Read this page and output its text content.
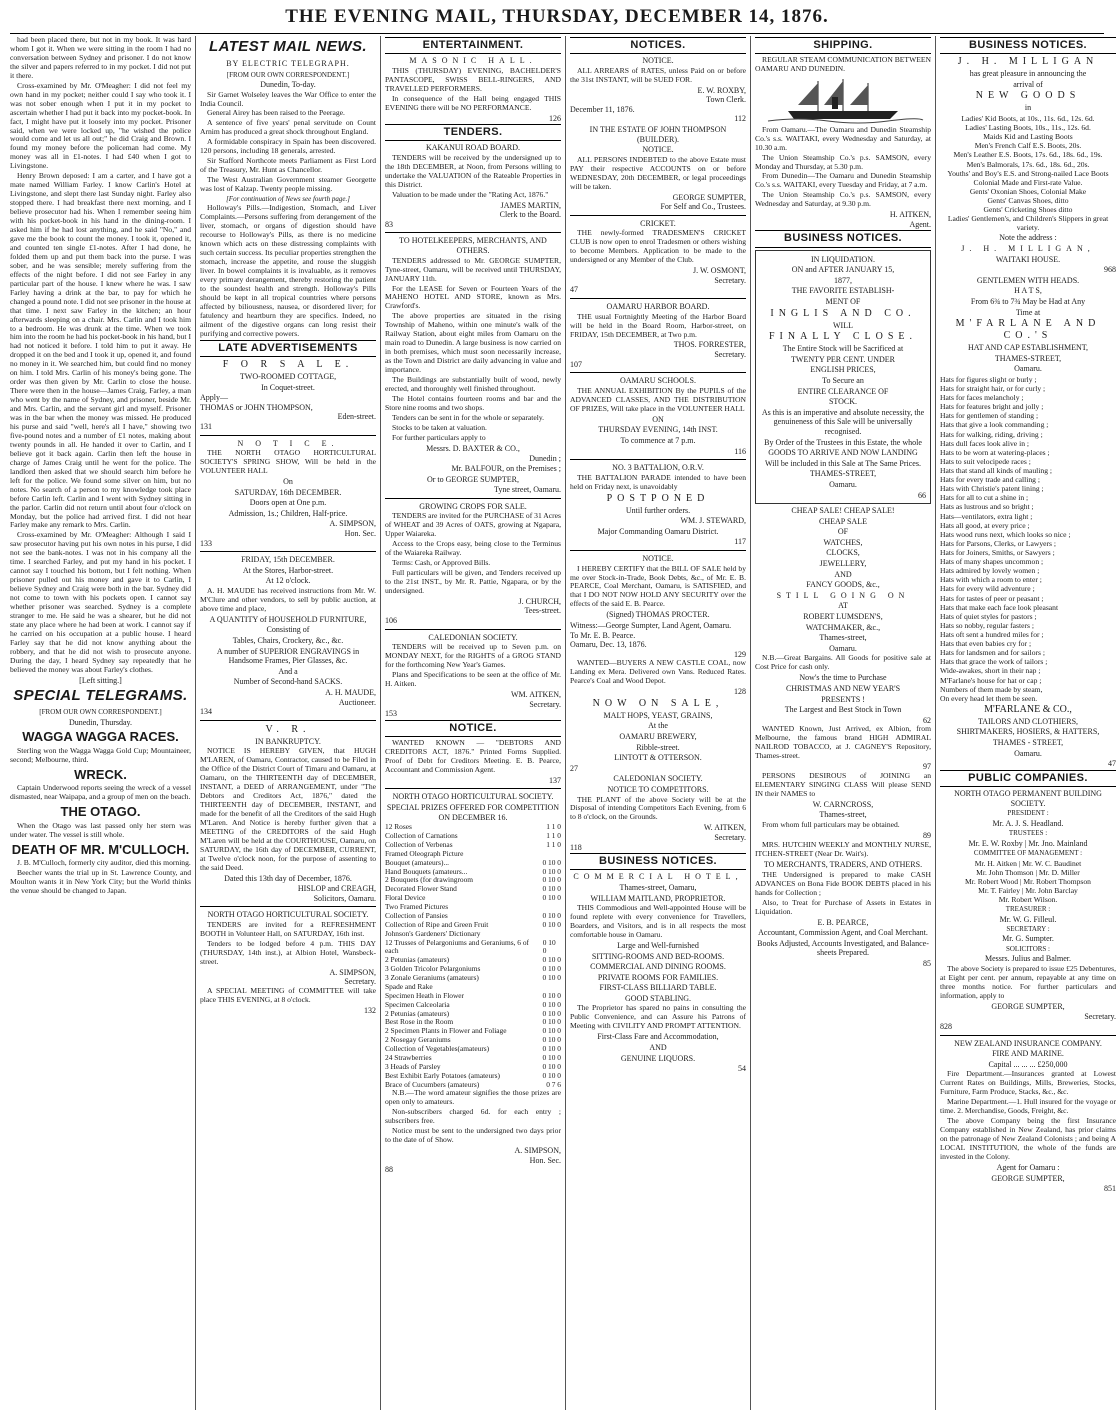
THE EVENING MAIL, THURSDAY, DECEMBER 14, 1876.

had been placed there, but not in my book. It was hard whom I got it. When we were sitting in the room I had no conversation between Sydney and prisoner. I do not know the silver and papers referred to in my pocket. I did not put it there.

Cross-examined by Mr. O'Meagher: I did not feel my own hand in my pocket; neither could I say who took it. I was not sober enough when I put it in my pocket to ascertain whether I had put it back into my pocket-book. In fact, I might have put it loosely into my pocket. Prisoner said, when we were locked up, "he wished the police would come and let us all out;" he did Craig and Brown. I found my money before the policeman had come. My money was all in £1-notes. I had £40 when I got to Livingstone.

Henry Brown deposed: I am a carter, and I have got a mate named William Farley. I know Carlin's Hotel at Livingstone, and slept there last Sunday night. Farley also stopped there. I had breakfast there next morning, and I believe prosecutor had his. When I remember seeing him with his pocket-book in his hand in the dining-room. I asked him if he had lost anything, and he said "No," and gave me the book to count the money. I took it, opened it, and counted ten single £1-notes. After I had done, he folded them up and put them back into the purse. I was sober, and he was sensible; merely suffering from the effects of the night before. I did not see Farley in any particular part of the house. I knew where he was. I saw Farley having a drink at the bar, to pay for which he changed a pound note. I did not see prisoner in the house at that time. I next saw Farley in the kitchen; an hour afterwards sleeping on a chair. Mrs. Carlin and I took him to a bedroom. He was drunk at the time. When we took him into the room he had his pocket-book in his hand, but I had not noticed it before. I told him to put it away. He dropped it on the bed and I took it up, opened it, and found no money in it. We searched him, but could find no money on him. I told Mrs. Carlin of his money's being gone. The order was then given by Mr. Carlin to close the house. There were then in the house—James Craig, Farley, a man who went by the name of Sydney, and prisoner, beside Mr. and Mrs. Carlin, and the servant girl and myself. Prisoner was in the bar when the money was missed. He produced his purse and said "well, here's all I have," showing two five-pound notes and a number of £1 notes, making about twenty pounds in all. He handed it over to Carlin, and I believe got it back again. Carlin then left the house in charge of James Craig until he went for the police. The landlord then asked that we should search him before he left for the police. We found some silver on him, but no notes. No search of a person to my knowledge took place before Carlin left. Carlin and I went with Sydney sitting in the parlor. Carlin did not return until about four o'clock on Monday, but the police had arrived first. I did not hear Farley make any remark to Mrs. Carlin.

Cross-examined by Mr. O'Meagher: Although I said I saw prosecutor having put his own notes in his purse, I did not see the bank-notes. I was not in his company all the time. I searched Farley, and put my hand in his pocket. I cannot say I touched his bottom, but I felt nothing. When prisoner pulled out his money and gave it to Carlin, I believe Sydney and Craig were both in the bar. Sydney did not come to town with his pockets open. I cannot say whether prisoner was searched. Sydney is a complete stranger to me. He said he was a shearer, but he did not state any place where he had been at work. I cannot say if he carried on his occupation at a public house. I heard Farley say that he did not know anything about the robbery, and that he did not wish to prosecute anyone. During the day, I heard Sydney say repeatedly that he believed the money was about Farley's clothes.

[Left sitting.]
SPECIAL TELEGRAMS.
[FROM OUR OWN CORRESPONDENT.]
Dunedin, Thursday.
WAGGA WAGGA RACES.

Sterling won the Wagga Wagga Gold Cup; Mountaineer, second; Melbourne, third.

WRECK.

Captain Underwood reports seeing the wreck of a vessel dismasted, near Waipapa, and a group of men on the beach.

THE OTAGO.

When the Otago was last passed only her stern was under water. The vessel is still whole.

DEATH OF MR. M'CULLOCH.

J. B. M'Culloch, formerly city auditor, died this morning.

Beecher wants the trial up in St. Lawrence County, and Moulton wants it in New York City; but the World thinks the venue should be changed to Japan.

LATEST MAIL NEWS.
BY ELECTRIC TELEGRAPH.
[FROM OUR OWN CORRESPONDENT.]
Dunedin, To-day.

Sir Garnet Wolseley leaves the War Office to enter the India Council.

General Airey has been raised to the Peerage.

A sentence of five years' penal servitude on Count Arnim has produced a great shock throughout England.

A formidable conspiracy in Spain has been discovered. 120 persons, including 18 generals, arrested.

Sir Stafford Northcote meets Parliament as First Lord of the Treasury, Mr. Hunt as Chancellor.

The West Australian Government steamer Georgette was lost of Kalzap. Twenty people missing.

[For continuation of News see fourth page.]

Holloway's Pills.—Indigestion, Stomach, and Liver Complaints.—Persons suffering from derangement of the liver, stomach, or organs of digestion should have recourse to Holloway's Pills, as there is no medicine known which acts on these distressing complaints with such certain success. Its peculiar properties strengthen the stomach, increase the appetite, and rouse the sluggish liver. In bowel complaints it is invaluable, as it removes every primary derangement, thereby restoring the patient to the soundest health and strength. Holloway's Pills should be kept in all tropical countries where persons affected by biliousness, nausea, or disordered liver; for fatulency and heartburn they are specifics. Indeed, no ailment of the digestive organs can long resist their purifying and corrective powers.

LATE ADVERTISEMENTS
F O R S A L E.
TWO-ROOMED COTTAGE,
In Coquet-street.
Apply—
THOMAS or JOHN THOMPSON,
Eden-street.
131
N O T I C E.

THE NORTH OTAGO HORTICULTURAL SOCIETY'S SPRING SHOW, Will be held in the VOLUNTEER HALL

On
SATURDAY, 16th DECEMBER.
Doors open at One p.m.
Admission, 1s.; Children, Half-price.
A. SIMPSON,
Hon. Sec.
133
FRIDAY, 15th DECEMBER.
At the Stores, Harbor-street.
At 12 o'clock.

A. H. MAUDE has received instructions from Mr. W. M'Clure and other vendors, to sell by public auction, at above time and place,

A QUANTITY of HOUSEHOLD FURNITURE,
Consisting of
Tables, Chairs, Crockery, &c., &c.
A number of SUPERIOR ENGRAVINGS in Handsome Frames, Pier Glasses, &c.
And a
Number of Second-hand SACKS.
A. H. MAUDE,
Auctioneer.
134
V. R.
IN BANKRUPTCY.

NOTICE IS HEREBY GIVEN, that HUGH M'LAREN, of Oamaru, Contractor, caused to be Filed in the Office of the District Court of Timaru and Oamaru, at Oamaru, on the THIRTEENTH day of DECEMBER, INSTANT, a DEED of ARRANGEMENT, under "The Debtors and Creditors Act, 1876," dated the THIRTEENTH day of DECEMBER, INSTANT, and made for the benefit of all the Creditors of the said Hugh M'Laren. And Notice is hereby further given that a MEETING of the CREDITORS of the said Hugh M'Laren will be held at the COURTHOUSE, Oamaru, on SATURDAY, the 16th day of DECEMBER, CURRENT, at Twelve o'clock noon, for the purpose of assenting to the said Deed.

Dated this 13th day of December, 1876.
HISLOP and CREAGH,
Solicitors, Oamaru.
NORTH OTAGO HORTICULTURAL SOCIETY.

TENDERS are invited for a REFRESHMENT BOOTH in Volunteer Hall, on SATURDAY, 16th inst.

Tenders to be lodged before 4 p.m. THIS DAY (THURSDAY, 14th inst.), at Albion Hotel, Wansbeck-street.

A. SIMPSON,
Secretary.

A SPECIAL MEETING of COMMITTEE will take place THIS EVENING, at 8 o'clock.

132
ENTERTAINMENT.
MASONIC HALL.

THIS (THURSDAY) EVENING, BACHELDER'S PANTASCOPE, SWISS BELL-RINGERS, AND TRAVELLED PERFORMERS.

In consequence of the Hall being engaged THIS EVENING there will be NO PERFORMANCE.

126
TENDERS.
KAKANUI ROAD BOARD.

TENDERS will be received by the undersigned up to the 18th DECEMBER, at Noon, from Persons willing to undertake the VALUATION of the Rateable Properties in this District.

Valuation to be made under the "Rating Act, 1876."

JAMES MARTIN,
Clerk to the Board.
83
TO HOTELKEEPERS, MERCHANTS, AND OTHERS.

TENDERS addressed to Mr. GEORGE SUMPTER, Tyne-street, Oamaru, will be received until THURSDAY, JANUARY 11th.

For the LEASE for Seven or Fourteen Years of the MAHENO HOTEL AND STORE, known as Mrs. Crawford's.

The above properties are situated in the rising Township of Maheno, within one minute's walk of the Railway Station, about eight miles from Oamaru on the main road to Dunedin. A large business is now carried on in both premises, which must soon necessarily increase, as the Town and District are daily advancing in value and importance.

The Buildings are substantially built of wood, newly erected, and thoroughly well finished throughout.

The Hotel contains fourteen rooms and bar and the Store nine rooms and two shops.

Tenders can be sent in for the whole or separately.

Stocks to be taken at valuation.

For further particulars apply to

Messrs. D. BAXTER & CO.,
Dunedin ;
Mr. BALFOUR, on the Premises ;
Or to GEORGE SUMPTER,
Tyne street, Oamaru.
GROWING CROPS FOR SALE.

TENDERS are invited for the PURCHASE of 31 Acres of WHEAT and 39 Acres of OATS, growing at Ngapara, Upper Waiareka.

Access to the Crops easy, being close to the Terminus of the Waiareka Railway.

Terms: Cash, or Approved Bills.

Full particulars will be given, and Tenders received up to the 21st INST., by Mr. R. Pattie, Ngapara, or by the undersigned.

J. CHURCH,
Tees-street.
106
CALEDONIAN SOCIETY.

TENDERS will be received up to Seven p.m. on MONDAY NEXT, for the RIGHTS of a GROG STAND for the forthcoming New Year's Games.

Plans and Specifications to be seen at the office of Mr. H. Aitken.

WM. AITKEN,
Secretary.
153
NOTICE.

WANTED KNOWN — "DEBTORS AND CREDITORS ACT, 1876." Printed Forms Supplied. Proof of Debt for Creditors Meeting. E. B. Pearce, Accountant and Commission Agent.

137
NORTH OTAGO HORTICULTURAL SOCIETY.
SPECIAL PRIZES OFFERED FOR COMPETITION ON DECEMBER 16.
12 Roses	1 1 0
Collection of Carnations	1 1 0
Collection of Verbenas	1 1 0
Framed Oleograph Picture
Bouquet (amateurs)...	0 10 0
Hand Bouquets (amateurs...	0 10 0
2 Bouquets (for drawingroom	0 10 0
Decorated Flower Stand	0 10 0
Floral Device	0 10 0
Two Framed Pictures
Collection of Pansies	0 10 0
Collection of Ripe and Green Fruit	0 10 0
Johnson's Gardeners' Dictionary
12 Trusses of Pelargoniums and Geraniums, 6 of each
0 10 0
2 Petunias (amateurs)	0 10 0
3 Golden Tricolor Pelargoniums	0 10 0
3 Zonale Geraniums (amateurs)	0 10 0
Spade and Rake
Specimen Heath in Flower	0 10 0
Specimen Calceolaria	0 10 0
2 Petunias (amateurs)	0 10 0
Best Rose in the Room	0 10 0
2 Specimen Plants in Flower and Foliage	0 10 0
2 Nosegay Geraniums	0 10 0
Collection of Vegetables(amateurs)	0 10 0
24 Strawberries	0 10 0
3 Heads of Parsley	0 10 0
Best Exhibit Early Potatoes (amateurs)	0 10 0
Brace of Cucumbers (amateurs)	0 7 6

N.B.—The word amateur signifies the those prizes are open only to amateurs.

Non-subscribers charged 6d. for each entry ; subscribers free.

Notice must be sent to the undersigned two days prior to the date of of Show.

A. SIMPSON,
Hon. Sec.
88
NOTICES.
NOTICE.

ALL ARREARS of RATES, unless Paid on or before the 31st INSTANT, will be SUED FOR.

E. W. ROXBY,
Town Clerk.
December 11, 1876.
112
IN THE ESTATE OF JOHN THOMPSON (BUILDER).
NOTICE.

ALL PERSONS INDEBTED to the above Estate must PAY their respective ACCOUNTS on or before WEDNESDAY, 20th DECEMBER, or legal proceedings will be taken.

GEORGE SUMPTER,
For Self and Co., Trustees.
CRICKET.

THE newly-formed TRADESMEN'S CRICKET CLUB is now open to enrol Tradesmen or others wishing to become Members. Application to be made to the undersigned or any Member of the Club.

J. W. OSMONT,
Secretary.
47
OAMARU HARBOR BOARD.

THE usual Fortnightly Meeting of the Harbor Board will be held in the Board Room, Harbor-street, on FRIDAY, 15th DECEMBER, at Two p.m.

THOS. FORRESTER,
Secretary.
107
OAMARU SCHOOLS.

THE ANNUAL EXHIBITION By the PUPILS of the ADVANCED CLASSES, AND THE DISTRIBUTION OF PRIZES, Will take place in the VOLUNTEER HALL

ON
THURSDAY EVENING, 14th INST.
To commence at 7 p.m.
116
NO. 3 BATTALION, O.R.V.

THE BATTALION PARADE intended to have been held on Friday next, is unavoidably

POSTPONED
Until further orders.
WM. J. STEWARD,
Major Commanding Oamaru District.
117
NOTICE.

I HEREBY CERTIFY that the BILL OF SALE held by me over Stock-in-Trade, Book Debts, &c., of Mr. E. B. PEARCE, Coal Merchant, Oamaru, is SATISFIED, and that I DO NOT NOW HOLD ANY SECURITY over the effects of the said E. B. Pearce.

(Signed) THOMAS PROCTER.
Witness:—George Sumpter, Land Agent, Oamaru.
To Mr. E. B. Pearce.
Oamaru, Dec. 13, 1876.
129

WANTED—BUYERS A NEW CASTLE COAL, now Landing ex Mera. Delivered own Vans. Reduced Rates. Pearce's Coal and Wood Depot.

128
NOW ON SALE,
MALT HOPS, YEAST, GRAINS,
At the
OAMARU BREWERY,
Ribble-street.
LINTOTT & OTTERSON.
27
CALEDONIAN SOCIETY.
NOTICE TO COMPETITORS.

THE PLANT of the above Society will be at the Disposal of intending Competitors Each Evening, from 6 to 8 o'clock, on the Grounds.

W. AITKEN,
Secretary.
118
BUSINESS NOTICES.
COMMERCIAL HOTEL,
Thames-street, Oamaru,
WILLIAM MAITLAND, PROPRIETOR.

THIS Commodious and Well-appointed House will be found replete with every convenience for Travellers, Boarders, and Visitors, and is in all respects the most comfortable house in Oamaru.

Large and Well-furnished
SITTING-ROOMS AND BED-ROOMS.
COMMERCIAL AND DINING ROOMS.
PRIVATE ROOMS FOR FAMILIES.
FIRST-CLASS BILLIARD TABLE.
GOOD STABLING.

The Proprietor has spared no pains in consulting the Public Convenience, and can Assure his Patrons of Meeting with CIVILITY AND PROMPT ATTENTION.

First-Class Fare and Accommodation,
AND
GENUINE LIQUORS.
54
SHIPPING.

REGULAR STEAM COMMUNICATION BETWEEN OAMARU AND DUNEDIN.

From Oamaru.—The Oamaru and Dunedin Steamship Co.'s s.s. WAITAKI, every Wednesday and Saturday, at 10.30 a.m.

The Union Steamship Co.'s p.s. SAMSON, every Monday and Thursday, at 5.30 p.m.

From Dunedin—The Oamaru and Dunedin Steamship Co.'s s.s. WAITAKI, every Tuesday and Friday, at 7 a.m.

The Union Steamship Co.'s p.s. SAMSON, every Wednesday and Saturday, at 9.30 p.m.

H. AITKEN,
Agent.
BUSINESS NOTICES.
IN LIQUIDATION.
ON and AFTER JANUARY 15,
1877,
THE FAVORITE ESTABLISH-
MENT OF
INGLIS AND CO.
WILL
FINALLY CLOSE.
The Entire Stock will be Sacrificed at
TWENTY PER CENT. UNDER
ENGLISH PRICES,
To Secure an
ENTIRE CLEARANCE OF
STOCK.
As this is an imperative and absolute necessity, the genuineness of this Sale will be universally recognised.
By Order of the Trustees in this Estate, the whole
GOODS TO ARRIVE AND NOW LANDING
Will be included in this Sale at The Same Prices.
THAMES-STREET,
Oamaru.
66
CHEAP SALE! CHEAP SALE!
CHEAP SALE
OF
WATCHES,
CLOCKS,
JEWELLERY,
AND
FANCY GOODS, &c.,
STILL GOING ON
AT
ROBERT LUMSDEN'S,
WATCHMAKER, &c.,
Thames-street,
Oamaru.

N.B.—Great Bargains. All Goods for positive sale at Cost Price for cash only.

Now's the time to Purchase
CHRISTMAS AND NEW YEAR'S
PRESENTS !
The Largest and Best Stock in Town
62

WANTED Known, Just Arrived, ex Albion, from Melbourne, the famous brand HIGH ADMIRAL NAILROD TOBACCO, at J. CAGNEY'S Repository, Thames-street.

97

PERSONS DESIROUS of JOINING an ELEMENTARY SINGING CLASS Will please SEND IN their NAMES to

W. CARNCROSS,
Thames-street,

From whom full particulars may be obtained.

89

MRS. HUTCHIN WEEKLY and MONTHLY NURSE, ITCHEN-STREET (Near Dr. Wait's).

TO MERCHANTS, TRADERS, AND OTHERS.

THE Undersigned is prepared to make CASH ADVANCES on Bona Fide BOOK DEBTS placed in his hands for Collection ;

Also, to Treat for Purchase of Assets in Estates in Liquidation.

E. B. PEARCE,
Accountant, Commission Agent, and Coal Merchant.
Books Adjusted, Accounts Investigated, and Balance-sheets Prepared.
85
BUSINESS NOTICES.
J. H. MILLIGAN
has great pleasure in announcing the
arrival of
NEW GOODS
in
Ladies' Kid Boots, at 10s., 11s. 6d., 12s. 6d.
Ladies' Lasting Boots, 10s., 11s., 12s. 6d.
Maids Kid and Lasting Boots
Men's French Calf E.S. Boots, 20s.
Men's Leather E.S. Boots, 17s. 6d., 18s. 6d., 19s.
Men's Balmorals, 17s. 6d., 18s. 6d., 20s.
Youths' and Boy's E.S. and Strong-nailed Lace Boots
Colonial Made and First-rate Value.
Gents' Oxonian Shoes, Colonial Make
Gents' Canvas Shoes, ditto
Gents' Cricketing Shoes ditto
Ladies' Gentlemen's, and Children's Slippers in great variety.
Note the address :
J. H. MILLIGAN,
WAITAKI HOUSE.
968
GENTLEMEN WITH HEADS.
H A T S,
From 6¾ to 7¾ May be Had at Any
Time at
M'FARLANE AND CO.'S
HAT AND CAP ESTABLISHMENT,
THAMES-STREET,
Oamaru.
Hats for figures slight or burly ;
Hats for straight hair, or for curly ;
Hats for faces melancholy ;
Hats for features bright and jolly ;
Hats for gentlemen of standing ;
Hats that give a look commanding ;
Hats for walking, riding, driving ;
Hats dull faces look alive in ;
Hats to be worn at watering-places ;
Hats to suit velocipede races ;
Hats that stand all kinds of mauling ;
Hats for every trade and calling ;
Hats with Christie's patent lining ;
Hats for all to cut a shine in ;
Hats as lustrous and so bright ;
Hats—ventilators, extra light ;
Hats all good, at every price ;
Hats wood runs next, which looks so nice ;
Hats for Parsons, Clerks, or Lawyers ;
Hats for Joiners, Smiths, or Sawyers ;
Hats of many shapes uncommon ;
Hats admired by lovely women ;
Hats with which a room to enter ;
Hats for every wild adventure ;
Hats for tastes of peer or peasant ;
Hats that make each face look pleasant
Hats of quiet styles for pastors ;
Hats so nobby, regular fasters ;
Hats oft sent a hundred miles for ;
Hats that even babies cry for ;
Hats for landsmen and for sailors ;
Hats that grace the work of tailors ;
Wide-awakes, short in their nap ;
M'Farlane's house for hat or cap ;
Numbers of them made by steam,
On every head let them be seen.
M'FARLANE & CO.,
TAILORS AND CLOTHIERS,
SHIRTMAKERS, HOSIERS, & HATTERS,
THAMES - STREET,
Oamaru.
47
PUBLIC COMPANIES.
NORTH OTAGO PERMANENT BUILDING SOCIETY.
PRESIDENT :
Mr. A. J. S. Headland.
TRUSTEES :
Mr. E. W. Roxby | Mr. Jno. Mainland
COMMITTEE OF MANAGEMENT :
Mr. H. Aitken | Mr. W. C. Baudinet
Mr. John Thomson | Mr. D. Miller
Mr. Robert Wood | Mr. Robert Thompson
Mr. T. Fairley | Mr. John Barclay
Mr. Robert Wilson.
TREASURER :
Mr. W. G. Filleul.
SECRETARY :
Mr. G. Sumpter.
SOLICITORS :
Messrs. Julius and Balmer.

The above Society is prepared to issue £25 Debentures, at Eight per cent. per annum, repayable at any time on three months notice. For further particulars and information, apply to

GEORGE SUMPTER,
Secretary.
828
NEW ZEALAND INSURANCE COMPANY.
FIRE AND MARINE.
Capital ... ... ... £250,000

Fire Department.—Insurances granted at Lowest Current Rates on Buildings, Mills, Breweries, Stocks, Furniture, Farm Produce, Stacks, &c., &c.

Marine Department.—1. Hull insured for the voyage or time. 2. Merchandise, Goods, Freight, &c.

The above Company being the first Insurance Company established in New Zealand, has prior claims on the patronage of New Zealand Colonists ; and being A LOCAL INSTITUTION, the whole of the funds are invested in the Colony.

Agent for Oamaru :
GEORGE SUMPTER,
851
